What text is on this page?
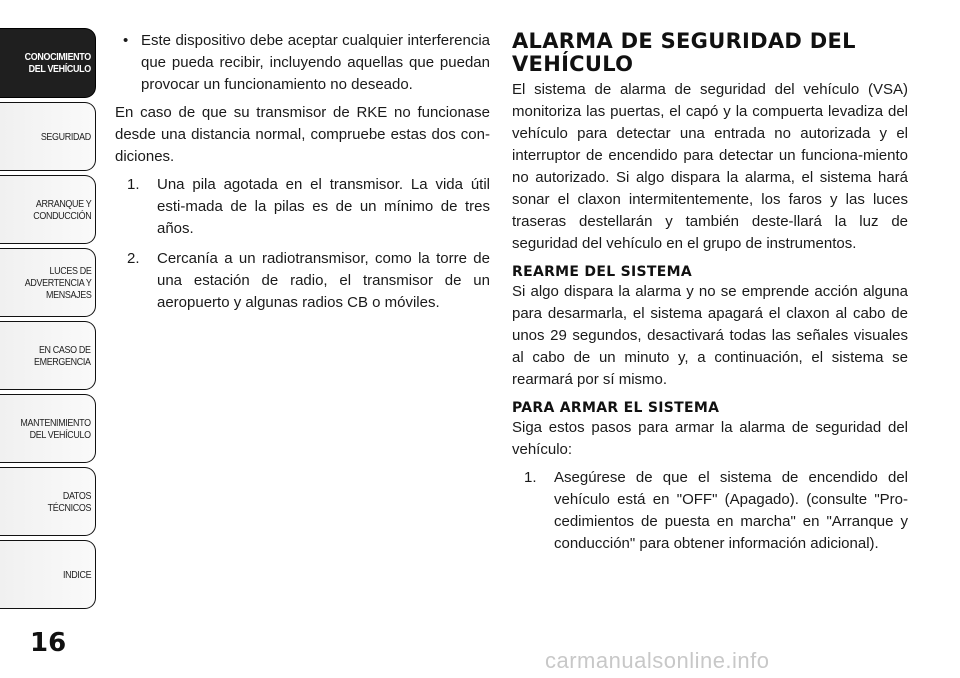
CONOCIMIENTO
DEL VEHÍCULO
SEGURIDAD
ARRANQUE Y
CONDUCCIÓN
LUCES DE
ADVERTENCIA Y
MENSAJES
EN CASO DE
EMERGENCIA
MANTENIMIENTO
DEL VEHÍCULO
DATOS
TÉCNICOS
INDICE
16

• Este dispositivo debe aceptar cualquier interferencia que pueda recibir, incluyendo aquellas que puedan provocar un funcionamiento no deseado.

En caso de que su transmisor de RKE no funcionase desde una distancia normal, compruebe estas dos con-diciones.

1. Una pila agotada en el transmisor. La vida útil esti-mada de la pilas es de un mínimo de tres años.

2. Cercanía a un radiotransmisor, como la torre de una estación de radio, el transmisor de un aeropuerto y algunas radios CB o móviles.

ALARMA DE SEGURIDAD DEL VEHÍCULO

El sistema de alarma de seguridad del vehículo (VSA) monitoriza las puertas, el capó y la compuerta levadiza del vehículo para detectar una entrada no autorizada y el interruptor de encendido para detectar un funciona-miento no autorizado. Si algo dispara la alarma, el sistema hará sonar el claxon intermitentemente, los faros y las luces traseras destellarán y también deste-llará la luz de seguridad del vehículo en el grupo de instrumentos.

REARME DEL SISTEMA

Si algo dispara la alarma y no se emprende acción alguna para desarmarla, el sistema apagará el claxon al cabo de unos 29 segundos, desactivará todas las señales visuales al cabo de un minuto y, a continuación, el sistema se rearmará por sí mismo.

PARA ARMAR EL SISTEMA

Siga estos pasos para armar la alarma de seguridad del vehículo:

1. Asegúrese de que el sistema de encendido del vehículo está en "OFF" (Apagado). (consulte "Pro-cedimientos de puesta en marcha" en "Arranque y conducción" para obtener información adicional).

carmanualsonline.info
